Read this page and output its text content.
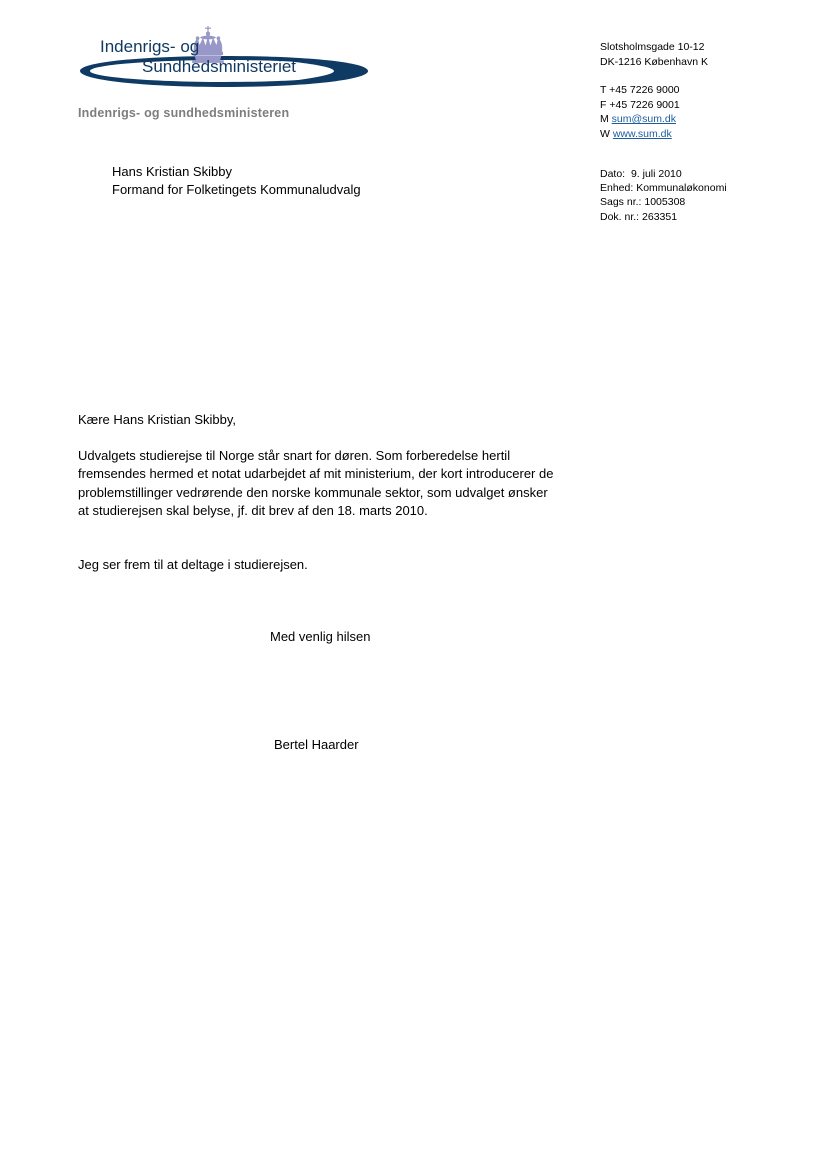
Indenrigs- og
Sundhedsministeriet
Indenrigs- og sundhedsministeren
Slotsholmsgade 10-12
DK-1216 København K
T +45 7226 9000
F +45 7226 9001
M sum@sum.dk
W www.sum.dk
Dato: 9. juli 2010
Enhed: Kommunaløkonomi
Sags nr.: 1005308
Dok. nr.: 263351
Hans Kristian Skibby
Formand for Folketingets Kommunaludvalg
Kære Hans Kristian Skibby,
Udvalgets studierejse til Norge står snart for døren. Som forberedelse hertil fremsendes hermed et notat udarbejdet af mit ministerium, der kort introducerer de problemstillinger vedrørende den norske kommunale sektor, som udvalget ønsker at studierejsen skal belyse, jf. dit brev af den 18. marts 2010.
Jeg ser frem til at deltage i studierejsen.
Med venlig hilsen
Bertel Haarder
